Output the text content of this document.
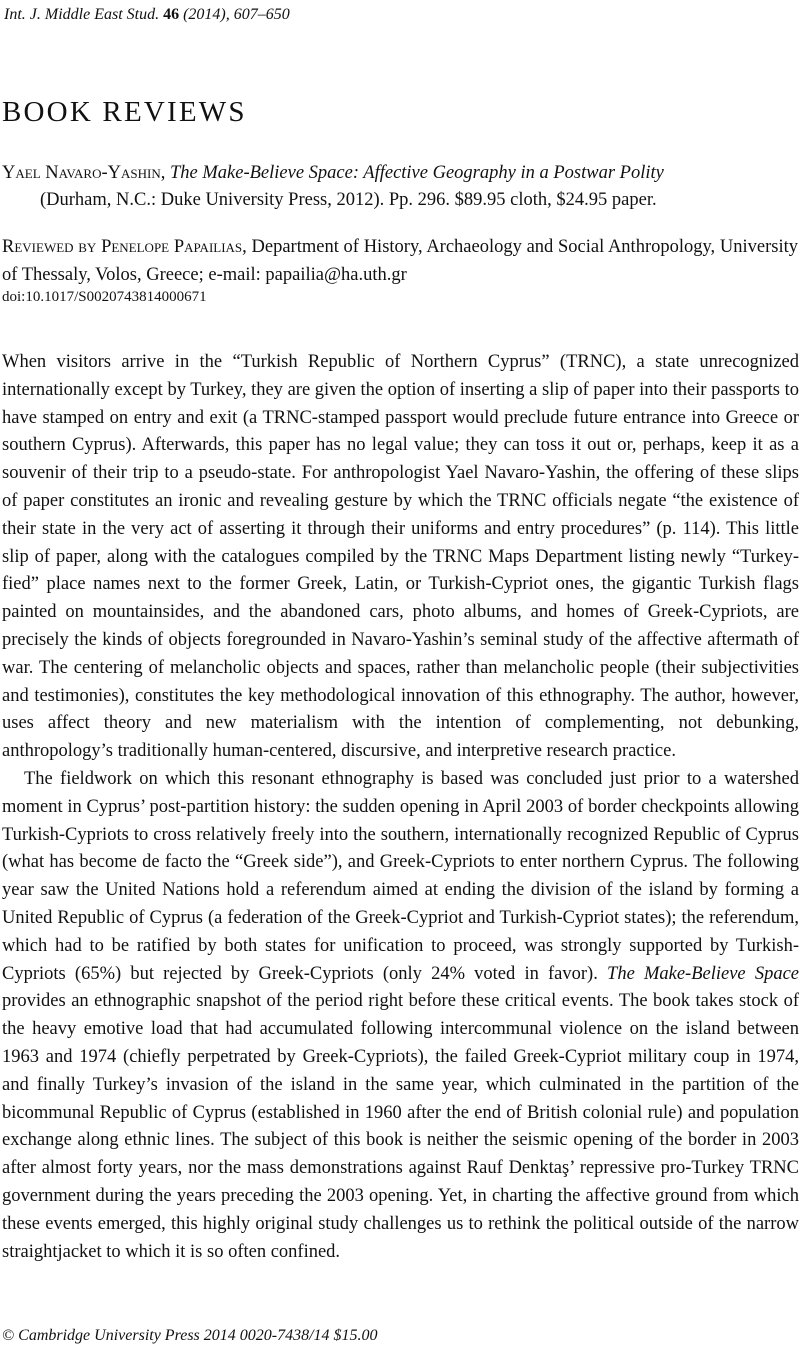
Int. J. Middle East Stud. 46 (2014), 607–650
BOOK REVIEWS
Yael Navaro-Yashin, The Make-Believe Space: Affective Geography in a Postwar Polity
(Durham, N.C.: Duke University Press, 2012). Pp. 296. $89.95 cloth, $24.95 paper.
Reviewed by Penelope Papailias, Department of History, Archaeology and Social Anthropology, University of Thessaly, Volos, Greece; e-mail: papailia@ha.uth.gr
doi:10.1017/S0020743814000671

When visitors arrive in the “Turkish Republic of Northern Cyprus” (TRNC), a state unrecognized internationally except by Turkey, they are given the option of inserting a slip of paper into their passports to have stamped on entry and exit (a TRNC-stamped passport would preclude future entrance into Greece or southern Cyprus). Afterwards, this paper has no legal value; they can toss it out or, perhaps, keep it as a souvenir of their trip to a pseudo-state. For anthropologist Yael Navaro-Yashin, the offering of these slips of paper constitutes an ironic and revealing gesture by which the TRNC officials negate “the existence of their state in the very act of asserting it through their uniforms and entry procedures” (p. 114). This little slip of paper, along with the catalogues compiled by the TRNC Maps Department listing newly “Turkey-fied” place names next to the former Greek, Latin, or Turkish-Cypriot ones, the gigantic Turkish flags painted on mountainsides, and the abandoned cars, photo albums, and homes of Greek-Cypriots, are precisely the kinds of objects foregrounded in Navaro-Yashin’s seminal study of the affective aftermath of war. The centering of melancholic objects and spaces, rather than melancholic people (their subjectivities and testimonies), constitutes the key methodological innovation of this ethnography. The author, however, uses affect theory and new materialism with the intention of complementing, not debunking, anthropology’s traditionally human-centered, discursive, and interpretive research practice.

The fieldwork on which this resonant ethnography is based was concluded just prior to a watershed moment in Cyprus’ post-partition history: the sudden opening in April 2003 of border checkpoints allowing Turkish-Cypriots to cross relatively freely into the southern, internationally recognized Republic of Cyprus (what has become de facto the “Greek side”), and Greek-Cypriots to enter northern Cyprus. The following year saw the United Nations hold a referendum aimed at ending the division of the island by forming a United Republic of Cyprus (a federation of the Greek-Cypriot and Turkish-Cypriot states); the referendum, which had to be ratified by both states for unification to proceed, was strongly supported by Turkish-Cypriots (65%) but rejected by Greek-Cypriots (only 24% voted in favor). The Make-Believe Space provides an ethnographic snapshot of the period right before these critical events. The book takes stock of the heavy emotive load that had accumulated following intercommunal violence on the island between 1963 and 1974 (chiefly perpetrated by Greek-Cypriots), the failed Greek-Cypriot military coup in 1974, and finally Turkey’s invasion of the island in the same year, which culminated in the partition of the bicommunal Republic of Cyprus (established in 1960 after the end of British colonial rule) and population exchange along ethnic lines. The subject of this book is neither the seismic opening of the border in 2003 after almost forty years, nor the mass demonstrations against Rauf Denktaş’ repressive pro-Turkey TRNC government during the years preceding the 2003 opening. Yet, in charting the affective ground from which these events emerged, this highly original study challenges us to rethink the political outside of the narrow straightjacket to which it is so often confined.

© Cambridge University Press 2014 0020-7438/14 $15.00
